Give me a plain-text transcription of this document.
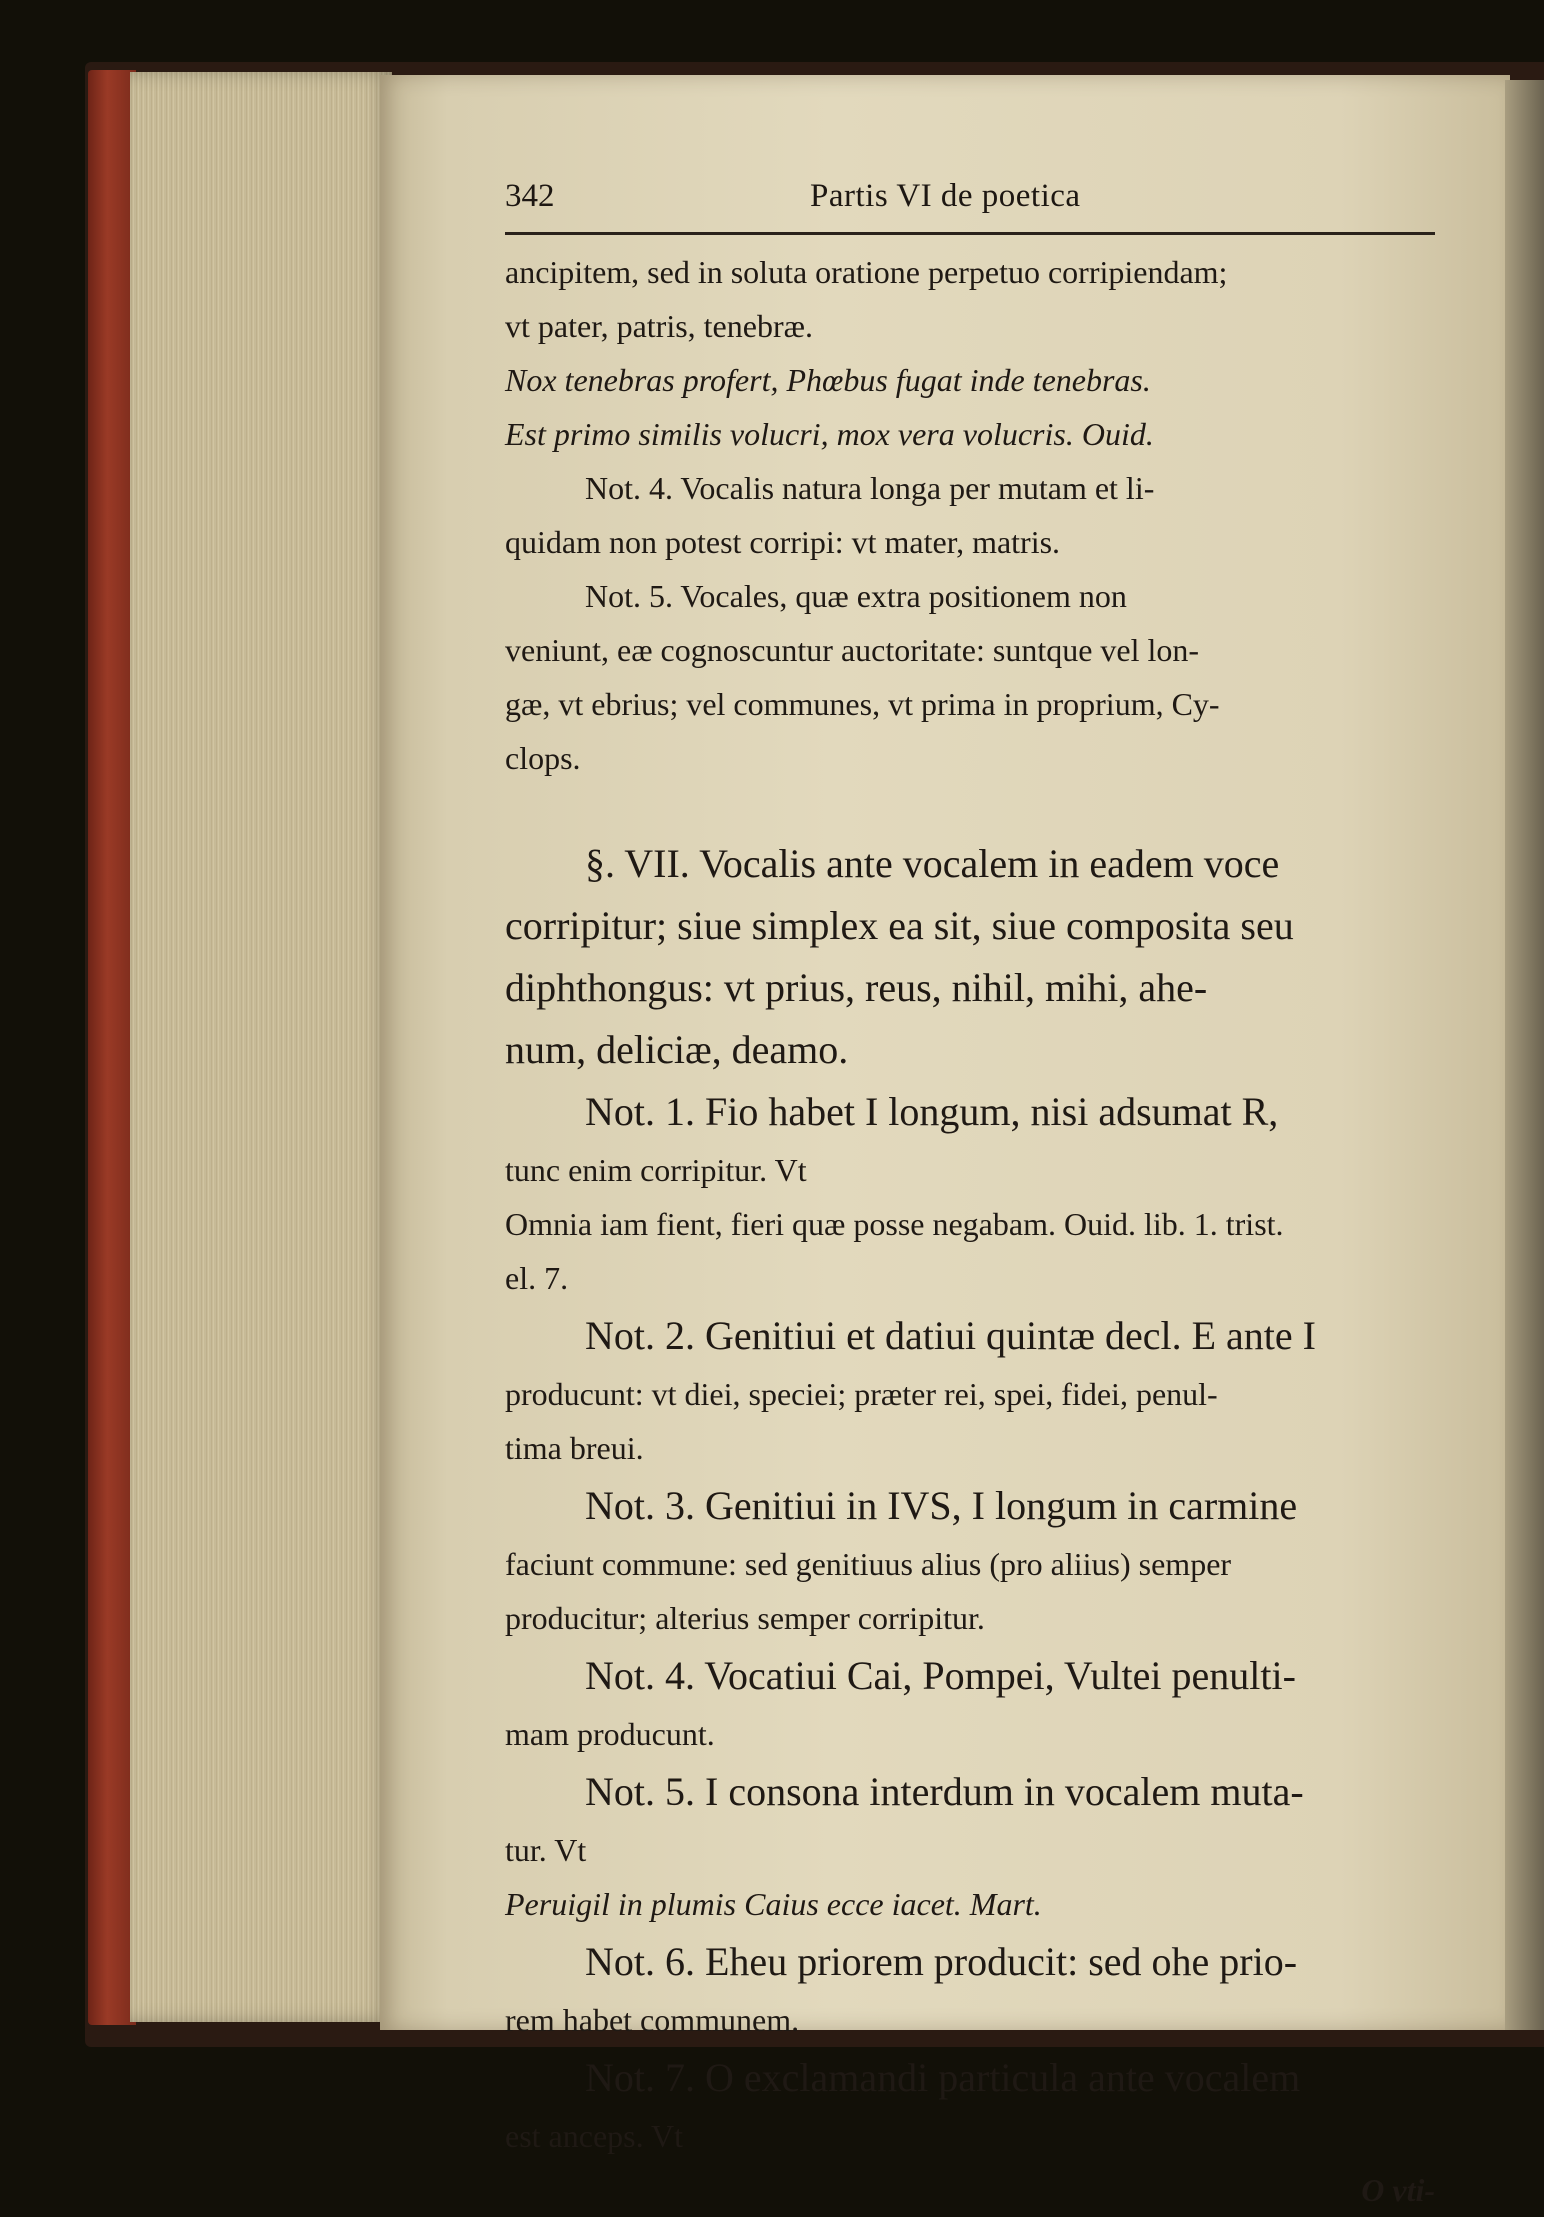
342	Partis VI de poetica
ancipitem, sed in soluta oratione perpetuo corripiendam;
vt pater, patris, tenebræ.
Nox tenebras profert, Phœbus fugat inde tenebras.
Est primo similis volucri, mox vera volucris. Ouid.
Not. 4. Vocalis natura longa per mutam et li-
quidam non potest corripi: vt mater, matris.
Not. 5. Vocales, quæ extra positionem non
veniunt, eæ cognoscuntur auctoritate: suntque vel lon-
gæ, vt ebrius; vel communes, vt prima in proprium, Cy-
clops.
§. VII. Vocalis ante vocalem in eadem voce
corripitur; siue simplex ea sit, siue composita seu
diphthongus: vt prius, reus, nihil, mihi, ahe-
num, deliciæ, deamo.
Not. 1. Fio habet I longum, nisi adsumat R,
tunc enim corripitur. Vt
Omnia iam fient, fieri quæ posse negabam. Ouid. lib. 1. trist.
el. 7.
Not. 2. Genitiui et datiui quintæ decl. E ante I
producunt: vt diei, speciei; præter rei, spei, fidei, penul-
tima breui.
Not. 3. Genitiui in IVS, I longum in carmine
faciunt commune: sed genitiuus alius (pro aliius) semper
producitur; alterius semper corripitur.
Not. 4. Vocatiui Cai, Pompei, Vultei penulti-
mam producunt.
Not. 5. I consona interdum in vocalem muta-
tur. Vt
Peruigil in plumis Caius ecce iacet. Mart.
Not. 6. Eheu priorem producit: sed ohe prio-
rem habet communem.
Not. 7. O exclamandi particula ante vocalem
est anceps. Vt
O vti-
